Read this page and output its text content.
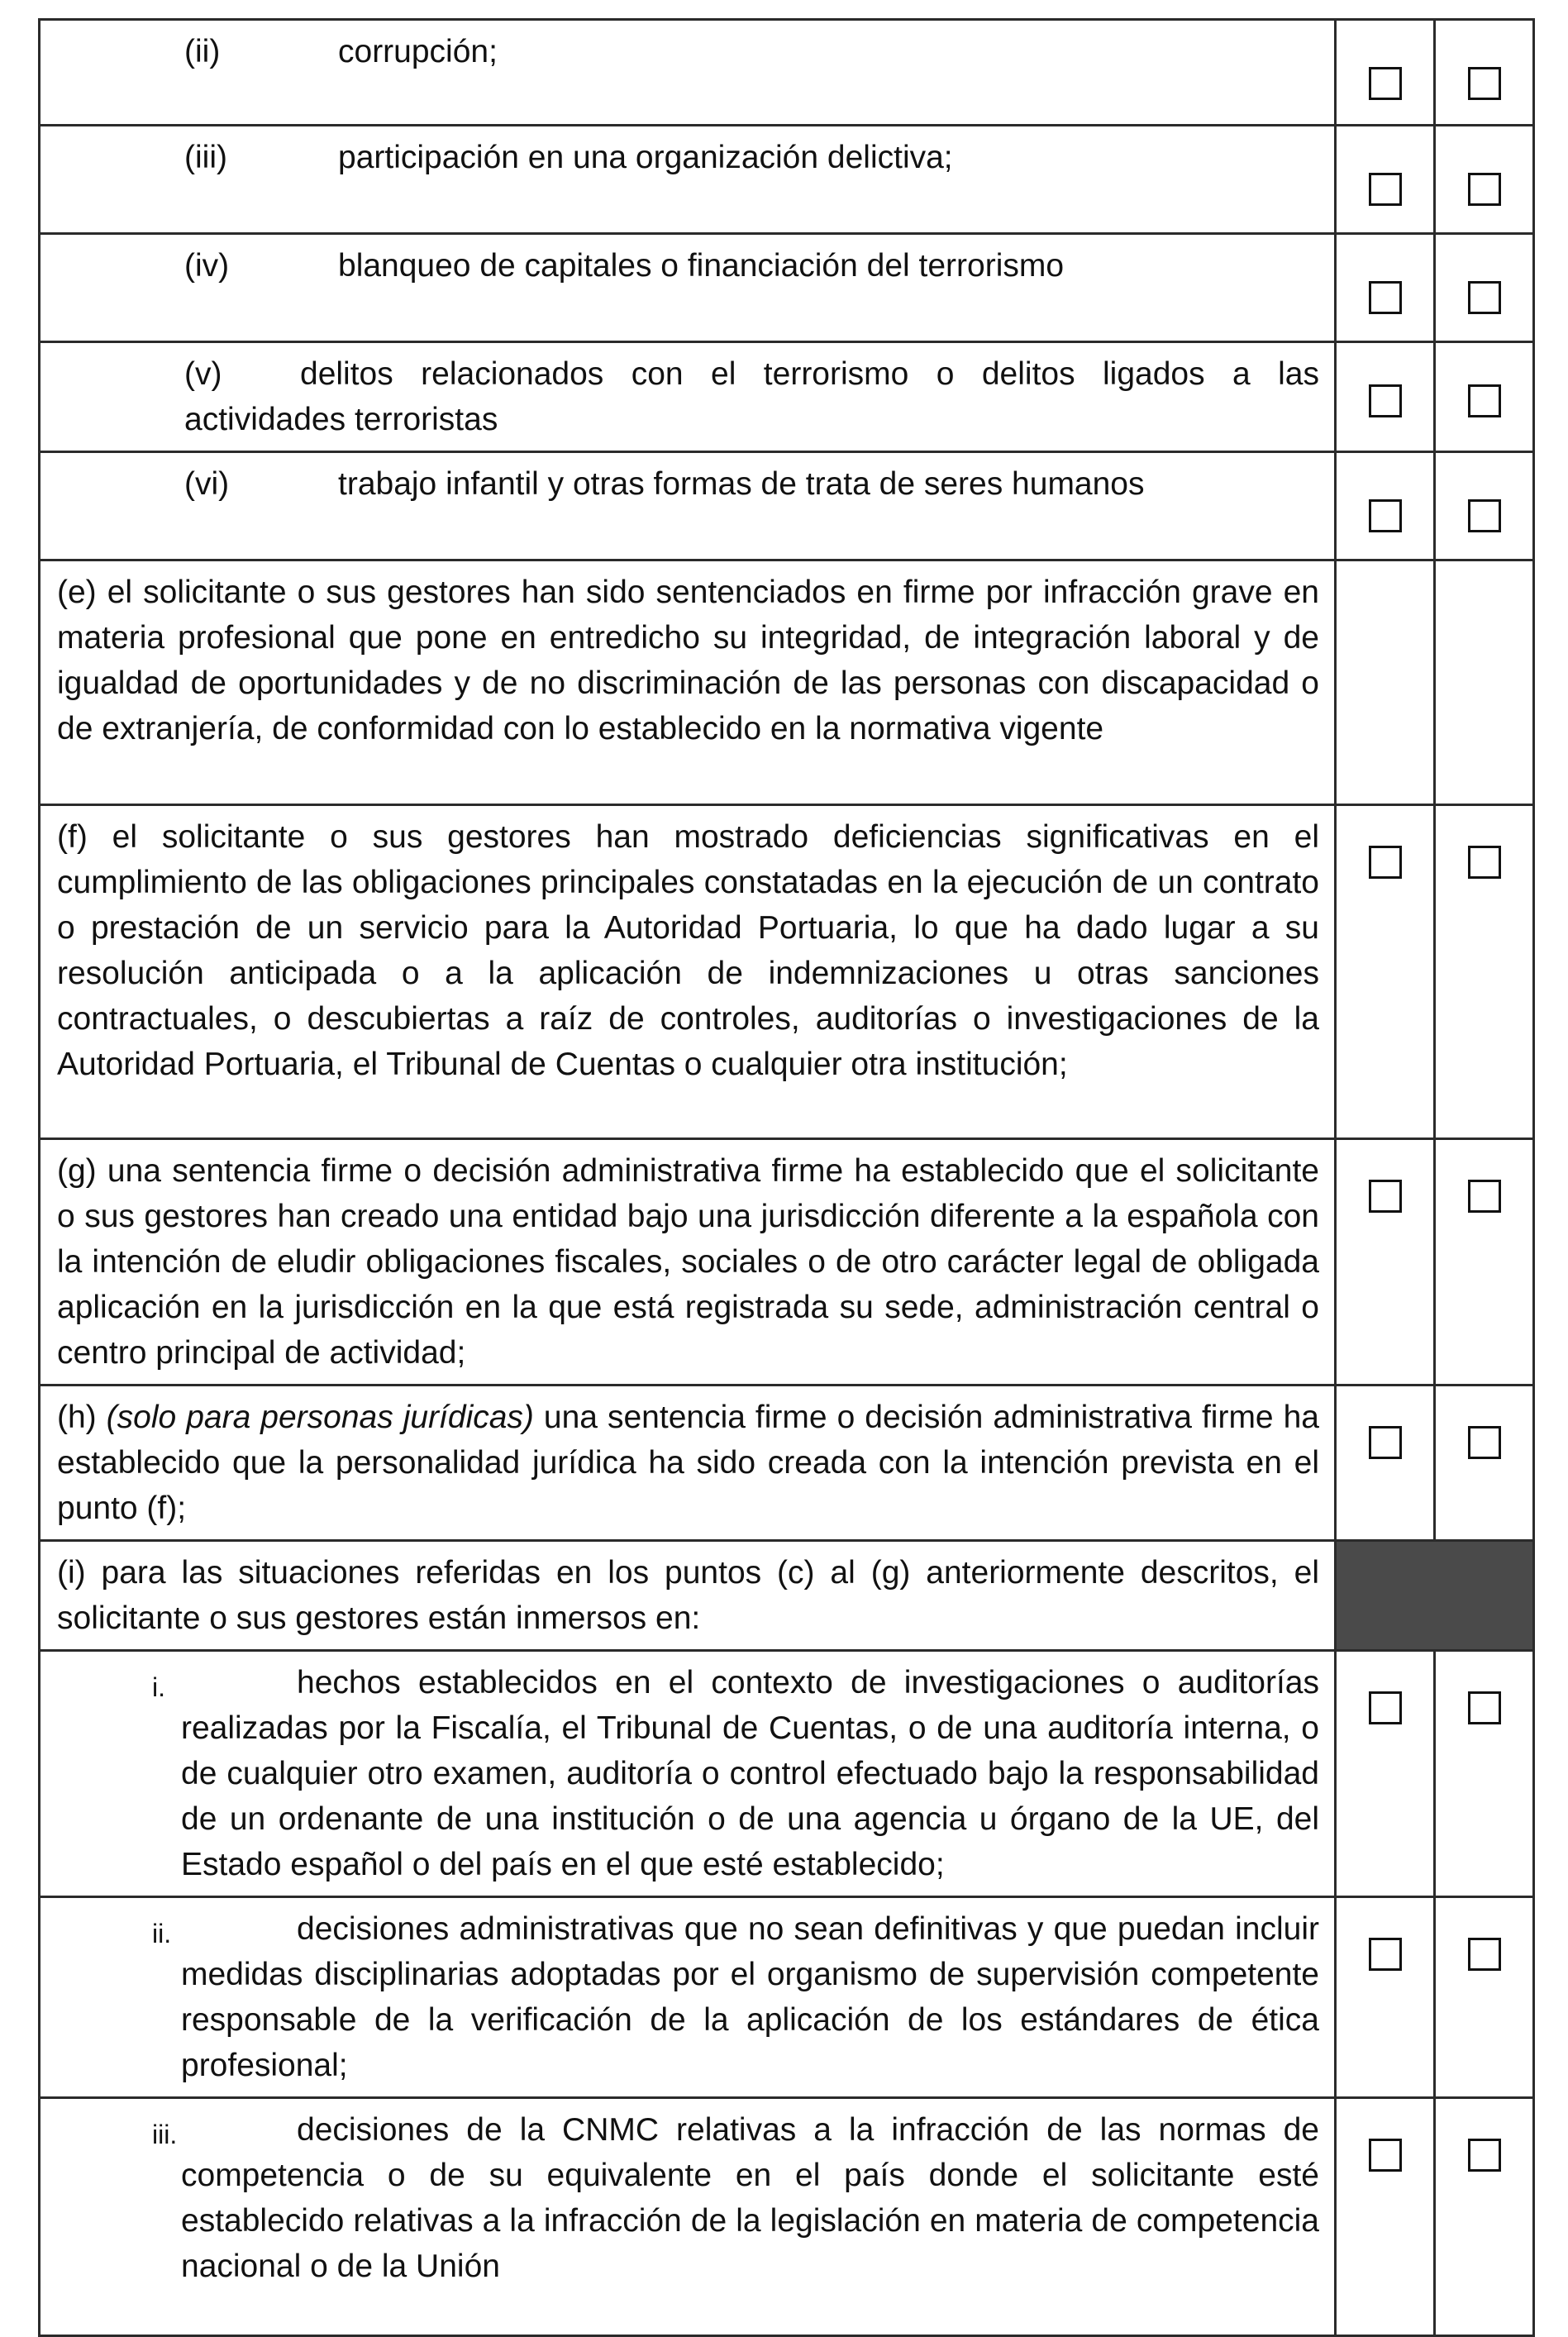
(ii) corrupción;		

(iii) participación en una organización delictiva;		

(iv) blanqueo de capitales o financiación del terrorismo		

(v) delitos relacionados con el terrorismo o delitos ligados a las actividades terroristas		

(vi) trabajo infantil y otras formas de trata de seres humanos		

(e) el solicitante o sus gestores han sido sentenciados en firme por infracción grave en materia profesional que pone en entredicho su integridad, de integración laboral y de igualdad de oportunidades y de no discriminación de las personas con discapacidad o de extranjería, de conformidad con lo establecido en la normativa vigente		

(f) el solicitante o sus gestores han mostrado deficiencias significativas en el cumplimiento de las obligaciones principales constatadas en la ejecución de un contrato o prestación de un servicio para la Autoridad Portuaria, lo que ha dado lugar a su resolución anticipada o a la aplicación de indemnizaciones u otras sanciones contractuales, o descubiertas a raíz de controles, auditorías o investigaciones de la Autoridad Portuaria, el Tribunal de Cuentas o cualquier otra institución;		

(g) una sentencia firme o decisión administrativa firme ha establecido que el solicitante o sus gestores han creado una entidad bajo una jurisdicción diferente a la española con la intención de eludir obligaciones fiscales, sociales o de otro carácter legal de obligada aplicación en la jurisdicción en la que está registrada su sede, administración central o centro principal de actividad;		

(h) (solo para personas jurídicas) una sentencia firme o decisión administrativa firme ha establecido que la personalidad jurídica ha sido creada con la intención prevista en el punto (f);		

(i) para las situaciones referidas en los puntos (c) al (g) anteriormente descritos, el solicitante o sus gestores están inmersos en:		

i. hechos establecidos en el contexto de investigaciones o auditorías realizadas por la Fiscalía, el Tribunal de Cuentas, o de una auditoría interna, o de cualquier otro examen, auditoría o control efectuado bajo la responsabilidad de un ordenante de una institución o de una agencia u órgano de la UE, del Estado español o del país en el que esté establecido;		

ii. decisiones administrativas que no sean definitivas y que puedan incluir medidas disciplinarias adoptadas por el organismo de supervisión competente responsable de la verificación de la aplicación de los estándares de ética profesional;		

iii. decisiones de la CNMC relativas a la infracción de las normas de competencia o de su equivalente en el país donde el solicitante esté establecido relativas a la infracción de la legislación en materia de competencia nacional o de la Unión		
